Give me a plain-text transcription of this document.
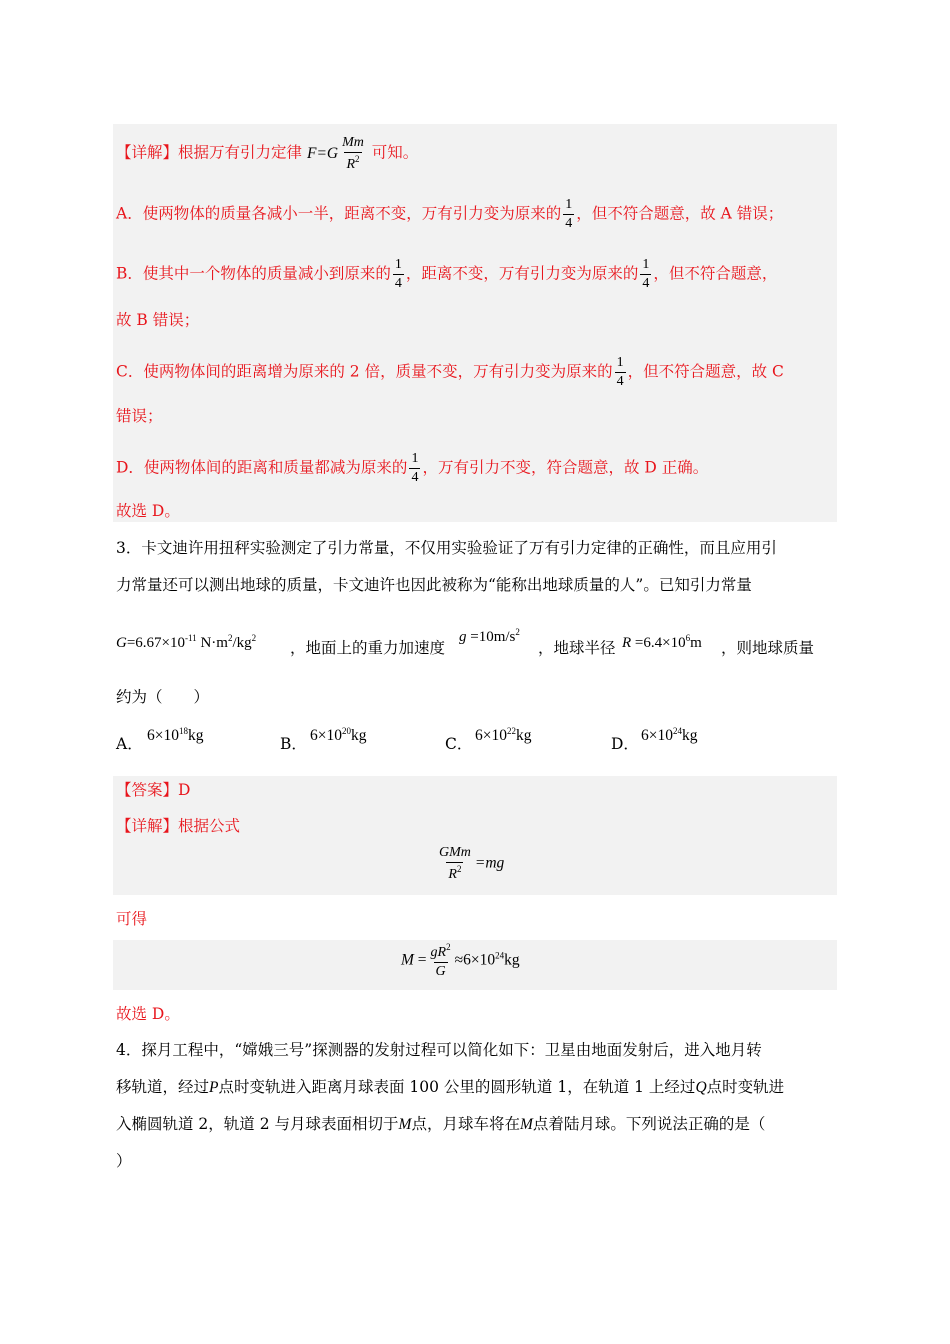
【详解】根据万有引力定律 $F=G \frac{Mm}{R^2}$ 可知。
A．使两物体的质量各减小一半，距离不变，万有引力变为原来的 $\frac{1}{4}$ ，但不符合题意，故 A 错误；
B．使其中一个物体的质量减小到原来的 $\frac{1}{4}$ ，距离不变，万有引力变为原来的 $\frac{1}{4}$ ，但不符合题意，
故 B 错误；
C．使两物体间的距离增为原来的 2 倍，质量不变，万有引力变为原来的 $\frac{1}{4}$ ，但不符合题意，故 C
错误；
D．使两物体间的距离和质量都减为原来的 $\frac{1}{4}$ ，万有引力不变，符合题意，故 D 正确。
故选 D。
3．卡文迪许用扭秤实验测定了引力常量，不仅用实验验证了万有引力定律的正确性，而且应用引
力常量还可以测出地球的质量，卡文迪许也因此被称为“能称出地球质量的人”。已知引力常量
$G=6.67\times 10^{-11}$ $N\cdot m^2/kg^2$
，地面上的重力加速度
$g =10m/s^2$
，地球半径 $R =6.4\times 10^6m$ ，则地球质量
约为（　　）
A． $6\times 10^{18}kg$	B． $6\times 10^{20}kg$	C． $6\times 10^{22}kg$	D． $6\times 10^{24}kg$
【答案】D
【详解】根据公式
$\frac{\text{GMm}}{R^2} =mg$
可得
$M = \frac{gR^2}{G} \approx 6\times 10^{24}kg$
故选 D。
4．探月工程中，“嫦娥三号”探测器的发射过程可以简化如下：卫星由地面发射后，进入地月转
移轨道，经过P点时变轨进入距离月球表面 100 公里的圆形轨道 1，在轨道 1 上经过Q点时变轨进
入椭圆轨道 2，轨道 2 与月球表面相切于M点，月球车将在M点着陆月球。下列说法正确的是（
）
